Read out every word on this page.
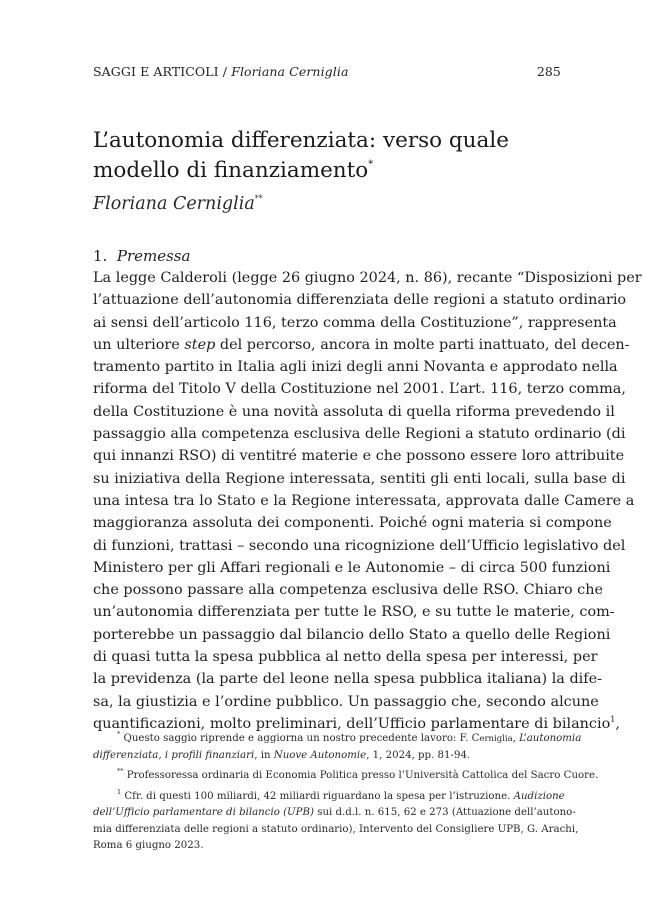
SAGGI E ARTICOLI / Floriana Cerniglia	285
L’autonomia differenziata: verso quale
modello di finanziamento*
Floriana Cerniglia**
1. Premessa
La legge Calderoli (legge 26 giugno 2024, n. 86), recante “Disposizioni per
l’attuazione dell’autonomia differenziata delle regioni a statuto ordinario
ai sensi dell’articolo 116, terzo comma della Costituzione”, rappresenta
un ulteriore step del percorso, ancora in molte parti inattuato, del decen-
tramento partito in Italia agli inizi degli anni Novanta e approdato nella
riforma del Titolo V della Costituzione nel 2001. L’art. 116, terzo comma,
della Costituzione è una novità assoluta di quella riforma prevedendo il
passaggio alla competenza esclusiva delle Regioni a statuto ordinario (di
qui innanzi RSO) di ventitré materie e che possono essere loro attribuite
su iniziativa della Regione interessata, sentiti gli enti locali, sulla base di
una intesa tra lo Stato e la Regione interessata, approvata dalle Camere a
maggioranza assoluta dei componenti. Poiché ogni materia si compone
di funzioni, trattasi – secondo una ricognizione dell’Ufficio legislativo del
Ministero per gli Affari regionali e le Autonomie – di circa 500 funzioni
che possono passare alla competenza esclusiva delle RSO. Chiaro che
un’autonomia differenziata per tutte le RSO, e su tutte le materie, com-
porterebbe un passaggio dal bilancio dello Stato a quello delle Regioni
di quasi tutta la spesa pubblica al netto della spesa per interessi, per
la previdenza (la parte del leone nella spesa pubblica italiana) la dife-
sa, la giustizia e l’ordine pubblico. Un passaggio che, secondo alcune
quantificazioni, molto preliminari, dell’Ufficio parlamentare di bilancio$^1$,
* Questo saggio riprende e aggiorna un nostro precedente lavoro: F. Cerniglia, L’autonomia
differenziata, i profili finanziari, in Nuove Autonomie, 1, 2024, pp. 81-94.
** Professoressa ordinaria di Economia Politica presso l’Università Cattolica del Sacro Cuore.
$^1$ Cfr. di questi 100 miliardi, 42 miliardi riguardano la spesa per l’istruzione. Audizione
dell’Ufficio parlamentare di bilancio (UPB) sui d.d.l. n. 615, 62 e 273 (Attuazione dell’autono-
mia differenziata delle regioni a statuto ordinario), Intervento del Consigliere UPB, G. Arachi,
Roma 6 giugno 2023.
